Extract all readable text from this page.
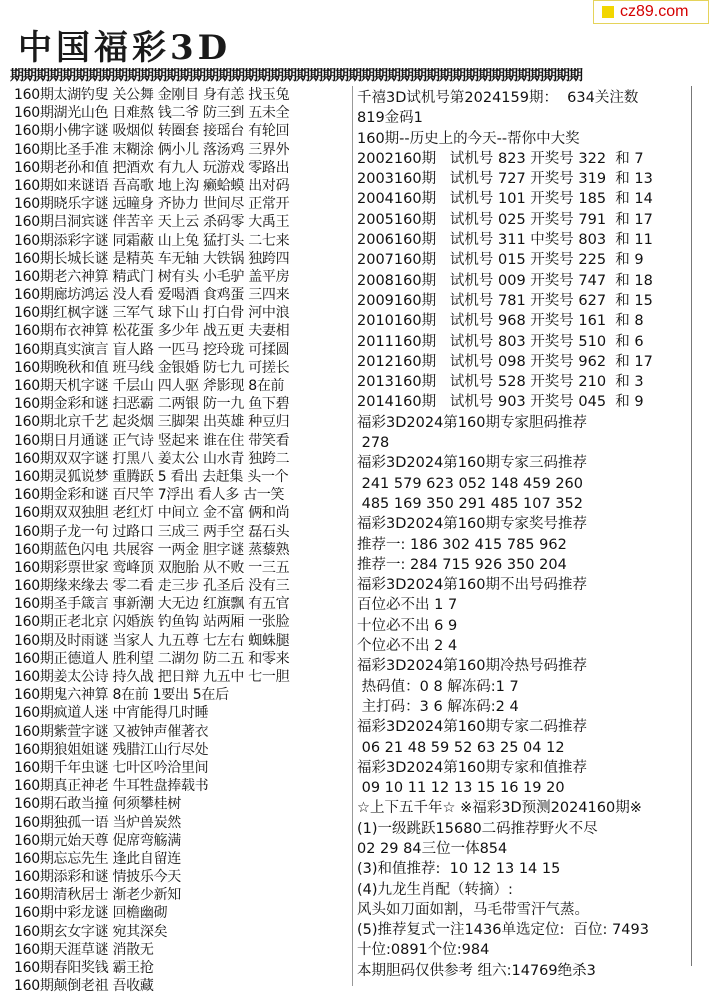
中国福彩3D
cz89.com
期期期期期期期期期期期期期期期期期期期期期期期期期期期期期期期期期期期期期期期期期期期期
160期太湖钓叟 关公舞 金刚目 身有恙 找玉兔
160期湖光山色 日难熬 钱二爷 防三到 五未全
160期小佛字谜 吸烟似 转圈套 接瑶台 有轮回
160期比圣手准 末糊涂 俩小儿 落汤鸡 三界外
160期老孙和值 把酒欢 有九人 玩游戏 零路出
160期如来谜语 吾高歌 地上沟 癞蛤蟆 出对码
160期晓乐字谜 远瞳身 齐协力 世间尽 正常开
160期吕洞宾谜 伴苦辛 天上云 杀码零 大禹王
160期添彩字谜 同霜蔽 山上兔 猛打头 二七来
160期长城长谜 是精英 车无轴 大铁锅 独跨四
160期老六神算 精武门 树有头 小毛驴 盖平房
160期廊坊鸿运 没人看 爱喝酒 食鸡蛋 三四来
160期红枫字谜 三军气 球下山 打白骨 河中浪
160期布衣神算 松花蛋 多少年 战五更 夫妻相
160期真实演言 盲人路 一匹马 挖玲珑 可揉圆
160期晚秋和值 班马线 金银婚 防七九 可搓长
160期天机字谜 千层山 四人驱 斧影现 8在前
160期金彩和谜 扫恶霸 二两银 防一九 鱼下碧
160期北京千艺 起炎烟 三脚架 出英雄 种豆归
160期日月通谜 正气诗 竖起来 谁在住 带笑看
160期双双字谜 打黑八 姜太公 山水青 独跨二
160期灵狐说梦 重腾跃 5 看出 去赶集 头一个
160期金彩和谜 百尺竿 7浮出 看人多 古一笑
160期双双独胆 老红灯 中间立 金不富 俩和尚
160期子龙一句 过路口 三成三 两手空 磊石头
160期蓝色闪电 共展容 一两金 胆字谜 蒸藜熟
160期彩票世家 鸾峰顶 双胞胎 从不败 一三五
160期缘来缘去 零二看 走三步 孔圣后 没有三
160期圣手箴言 事新潮 大无边 红旗飘 有五官
160期正老北京 闪婚族 钓鱼钩 站两厢 一张脸
160期及时雨谜 当家人 九五尊 七左右 蜘蛛腿
160期正德道人 胜利望 二湖勿 防二五 和零来
160期姜太公诗 持久战 把日辩 九五中 七一胆
160期鬼六神算 8在前 1要出 5在后
160期疯道人迷 中宵能得几时睡
160期紫萱字谜 又被钟声催著衣
160期狼姐姐谜 残腊江山行尽处
160期千年虫谜 七叶区吟洽里间
160期真正神老 牛耳牲盘捧载书
160期石敢当撞 何须攀桂树
160期独孤一语 当炉兽炭然
160期元始天尊 促席弯觞满
160期忘忘先生 逢此自留连
160期添彩和谜 情披乐今天
160期清秋居士 渐老少新知
160期中彩龙谜 回檐幽砌
160期玄女字谜 宛其深矣
160期天涯草谜 消散无
160期春阳奖钱 霸王抢
160期颠倒老祖 吾收藏
千禧3D试机号第2024159期：  634关注数
819金码1
160期--历史上的今天--帮你中大奖
2002160期   试机号 823 开奖号 322  和 7
2003160期   试机号 727 开奖号 319  和 13
2004160期   试机号 101 开奖号 185  和 14
2005160期   试机号 025 开奖号 791  和 17
2006160期   试机号 311 中奖号 803  和 11
2007160期   试机号 015 开奖号 225  和 9
2008160期   试机号 009 开奖号 747  和 18
2009160期   试机号 781 开奖号 627  和 15
2010160期   试机号 968 开奖号 161  和 8
2011160期   试机号 803 开奖号 510  和 6
2012160期   试机号 098 开奖号 962  和 17
2013160期   试机号 528 开奖号 210  和 3
2014160期   试机号 903 开奖号 045  和 9
福彩3D2024第160期专家胆码推荐
278
福彩3D2024第160期专家三码推荐
241 579 623 052 148 459 260
485 169 350 291 485 107 352
福彩3D2024第160期专家奖号推荐
推荐一: 186 302 415 785 962
推荐一: 284 715 926 350 204
福彩3D2024第160期不出号码推荐
百位必不出 1 7
十位必不出 6 9
个位必不出 2 4
福彩3D2024第160期冷热号码推荐
热码值：0 8 解冻码:1 7
主打码：3 6 解冻码:2 4
福彩3D2024第160期专家二码推荐
06 21 48 59 52 63 25 04 12
福彩3D2024第160期专家和值推荐
09 10 11 12 13 15 16 19 20
☆上下五千年☆ ※福彩3D预测2024160期※
(1)一级跳跃15680二码推荐野火不尽
02 29 84三位一体854
(3)和值推荐:  10 12 13 14 15
(4)九龙生肖配（转摘）:
风头如刀面如割，马毛带雪汗气蒸。
(5)推荐复式一注1436单选定位:  百位: 7493
十位:0891个位:984
本期胆码仅供参考 组六:14769绝杀3
